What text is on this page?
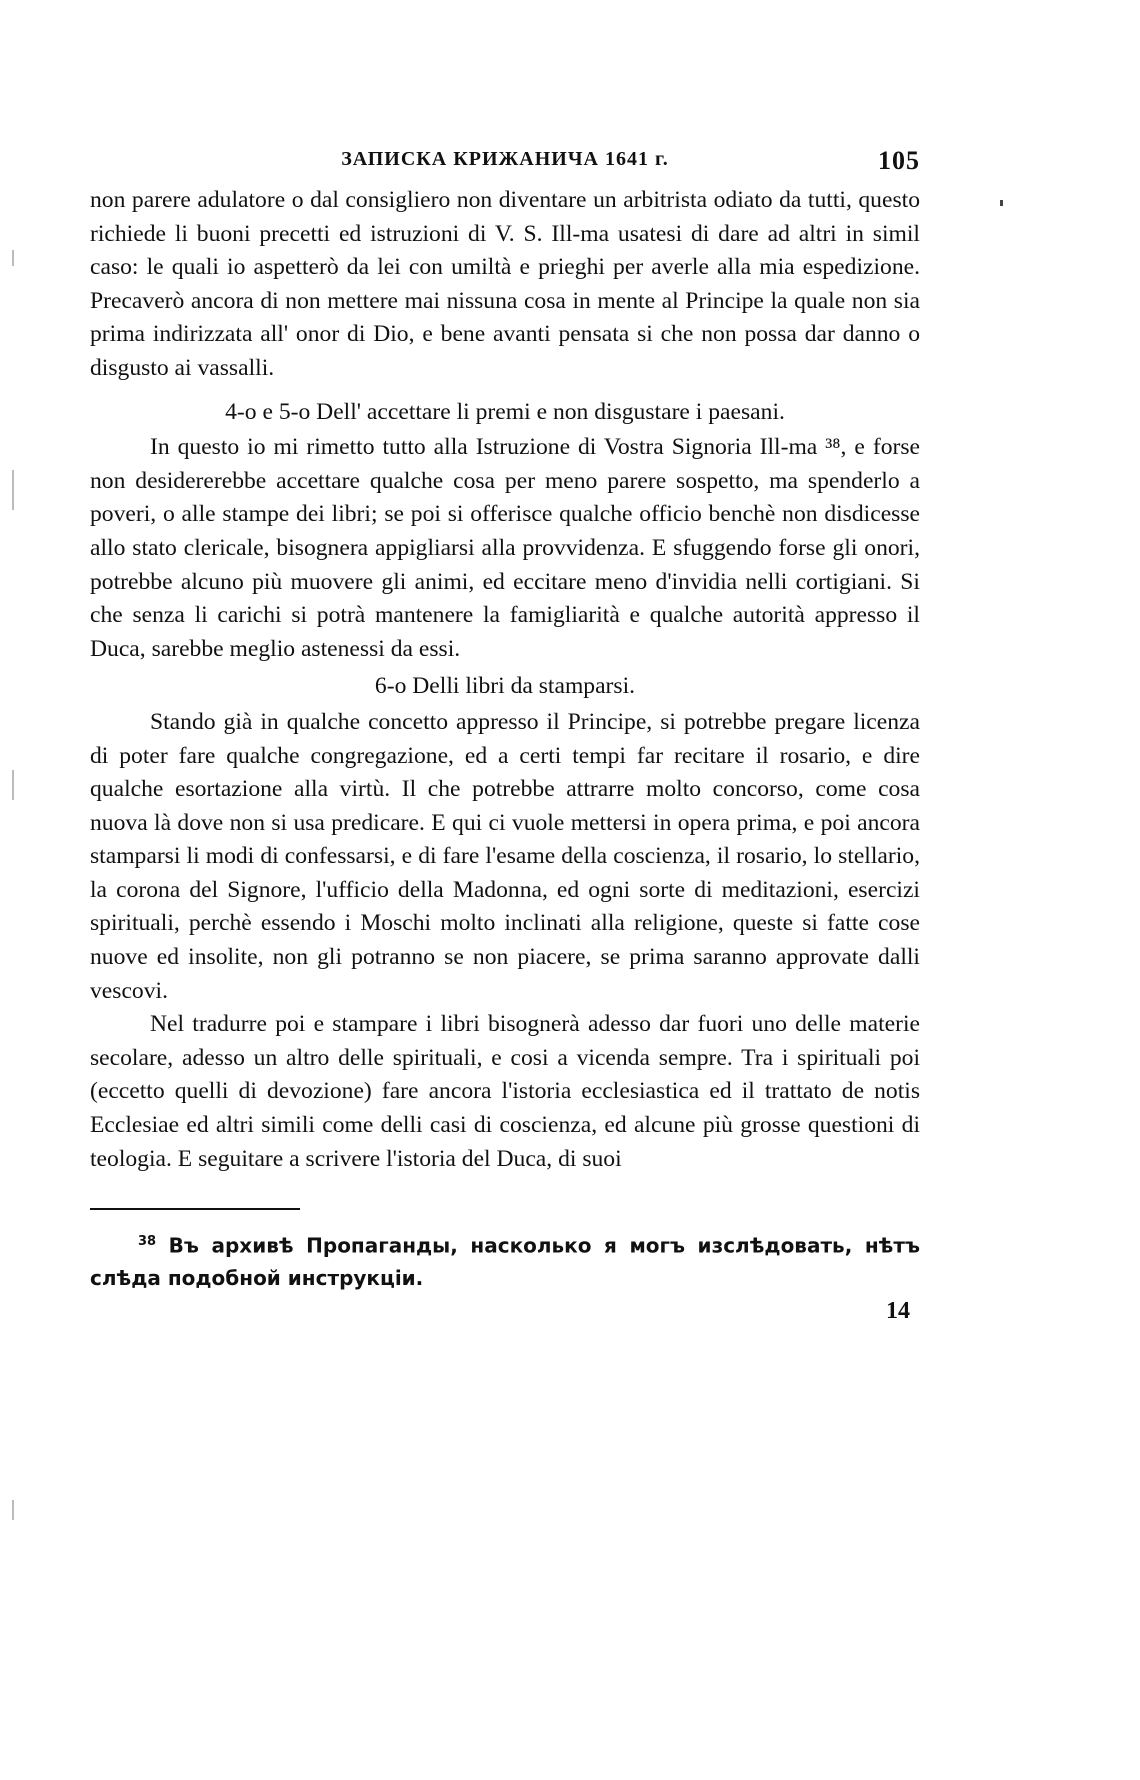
ЗАПИСКА КРИЖАНИЧА 1641 г.	105

non parere adulatore o dal consigliero non diventare un arbitrista odiato da tutti, questo richiede li buoni precetti ed istruzioni di V. S. Ill-ma usatesi di dare ad altri in simil caso: le quali io aspetterò da lei con umiltà e prieghi per averle alla mia espedizione. Precaverò ancora di non mettere mai nissuna cosa in mente al Principe la quale non sia prima indirizzata all' onor di Dio, e bene avanti pensata si che non possa dar danno o disgusto ai vassalli.

4-o e 5-o Dell' accettare li premi e non disgustare i paesani.

In questo io mi rimetto tutto alla Istruzione di Vostra Signoria Ill-ma ³⁸, e forse non desidererebbe accettare qualche cosa per meno parere sospetto, ma spenderlo a poveri, o alle stampe dei libri; se poi si offerisce qualche officio benchè non disdicesse allo stato clericale, bisognera appigliarsi alla provvidenza. E sfuggendo forse gli onori, potrebbe alcuno più muovere gli animi, ed eccitare meno d'invidia nelli cortigiani. Si che senza li carichi si potrà mantenere la famigliarità e qualche autorità appresso il Duca, sarebbe meglio astenessi da essi.

6-o Delli libri da stamparsi.

Stando già in qualche concetto appresso il Principe, si potrebbe pregare licenza di poter fare qualche congregazione, ed a certi tempi far recitare il rosario, e dire qualche esortazione alla virtù. Il che potrebbe attrarre molto concorso, come cosa nuova là dove non si usa predicare. E qui ci vuole mettersi in opera prima, e poi ancora stamparsi li modi di confessarsi, e di fare l'esame della coscienza, il rosario, lo stellario, la corona del Signore, l'ufficio della Madonna, ed ogni sorte di meditazioni, esercizi spirituali, perchè essendo i Moschi molto inclinati alla religione, queste si fatte cose nuove ed insolite, non gli potranno se non piacere, se prima saranno approvate dalli vescovi.

Nel tradurre poi e stampare i libri bisognerà adesso dar fuori uno delle materie secolare, adesso un altro delle spirituali, e cosi a vicenda sempre. Tra i spirituali poi (eccetto quelli di devozione) fare ancora l'istoria ecclesiastica ed il trattato de notis Ecclesiae ed altri simili come delli casi di coscienza, ed alcune più grosse questioni di teologia. E seguitare a scrivere l'istoria del Duca, di suoi

$^{38}$ Въ архивѣ Пропаганды, насколько я могъ изслѣдовать, нѣтъ слѣда подобной инструкціи.

14
